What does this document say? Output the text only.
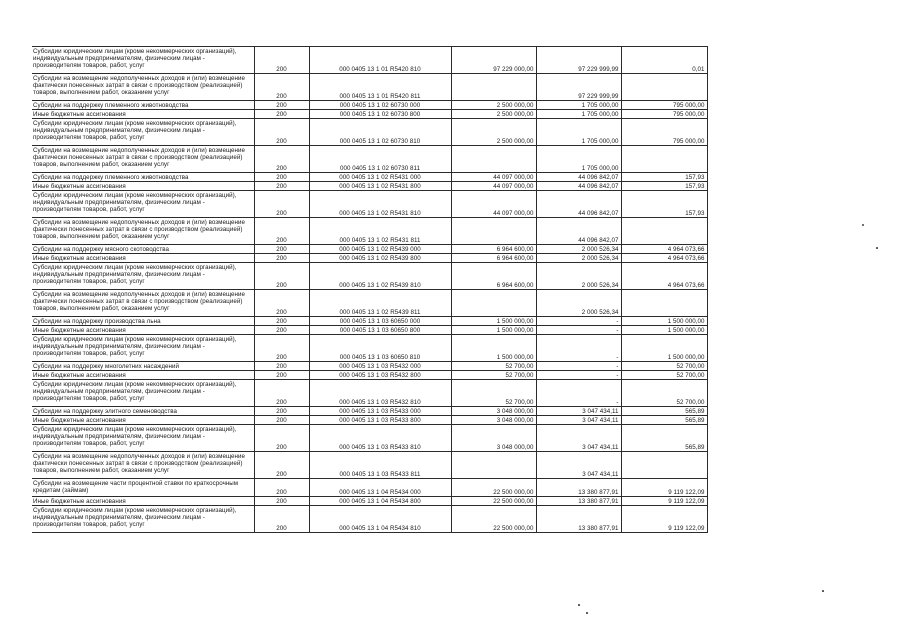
Субсидии юридическим лицам (кроме некоммерческих организаций), индивидуальным предпринимателям, физическим лицам - производителям товаров, работ, услуг	200	000 0405 13 1 01 R5420 810	97 229 000,00	97 229 999,99	0,01
Субсидии на возмещение недополученных доходов и (или) возмещение фактически понесенных затрат в связи с производством (реализацией) товаров, выполнением работ, оказанием услуг	200	000 0405 13 1 01 R5420 811		97 229 999,99	
Субсидии на поддержку племенного животноводства	200	000 0405 13 1 02 60730 000	2 500 000,00	1 705 000,00	795 000,00
Иные бюджетные ассигнования	200	000 0405 13 1 02 60730 800	2 500 000,00	1 705 000,00	795 000,00
Субсидии юридическим лицам (кроме некоммерческих организаций), индивидуальным предпринимателям, физическим лицам - производителям товаров, работ, услуг	200	000 0405 13 1 02 60730 810	2 500 000,00	1 705 000,00	795 000,00
Субсидии на возмещение недополученных доходов и (или) возмещение фактически понесенных затрат в связи с производством (реализацией) товаров, выполнением работ, оказанием услуг	200	000 0405 13 1 02 60730 811		1 705 000,00	
Субсидии на поддержку племенного животноводства	200	000 0405 13 1 02 R5431 000	44 097 000,00	44 096 842,07	157,93
Иные бюджетные ассигнования	200	000 0405 13 1 02 R5431 800	44 097 000,00	44 096 842,07	157,93
Субсидии юридическим лицам (кроме некоммерческих организаций), индивидуальным предпринимателям, физическим лицам - производителям товаров, работ, услуг	200	000 0405 13 1 02 R5431 810	44 097 000,00	44 096 842,07	157,93
Субсидии на возмещение недополученных доходов и (или) возмещение фактически понесенных затрат в связи с производством (реализацией) товаров, выполнением работ, оказанием услуг	200	000 0405 13 1 02 R5431 811		44 096 842,07	
Субсидии на поддержку мясного скотоводства	200	000 0405 13 1 02 R5439 000	6 964 600,00	2 000 526,34	4 964 073,66
Иные бюджетные ассигнования	200	000 0405 13 1 02 R5439 800	6 964 600,00	2 000 526,34	4 964 073,66
Субсидии юридическим лицам (кроме некоммерческих организаций), индивидуальным предпринимателям, физическим лицам - производителям товаров, работ, услуг	200	000 0405 13 1 02 R5439 810	6 964 600,00	2 000 526,34	4 964 073,66
Субсидии на возмещение недополученных доходов и (или) возмещение фактически понесенных затрат в связи с производством (реализацией) товаров, выполнением работ, оказанием услуг	200	000 0405 13 1 02 R5439 811		2 000 526,34	
Субсидии на поддержку производства льна	200	000 0405 13 1 03 60650 000	1 500 000,00	-	1 500 000,00
Иные бюджетные ассигнования	200	000 0405 13 1 03 60650 800	1 500 000,00	-	1 500 000,00
Субсидии юридическим лицам (кроме некоммерческих организаций), индивидуальным предпринимателям, физическим лицам - производителям товаров, работ, услуг	200	000 0405 13 1 03 60650 810	1 500 000,00	-	1 500 000,00
Субсидии на поддержку многолетних насаждений	200	000 0405 13 1 03 R5432 000	52 700,00	-	52 700,00
Иные бюджетные ассигнования	200	000 0405 13 1 03 R5432 800	52 700,00	-	52 700,00
Субсидии юридическим лицам (кроме некоммерческих организаций), индивидуальным предпринимателям, физическим лицам - производителям товаров, работ, услуг	200	000 0405 13 1 03 R5432 810	52 700,00	-	52 700,00
Субсидии на поддержку элитного семеноводства	200	000 0405 13 1 03 R5433 000	3 048 000,00	3 047 434,11	565,89
Иные бюджетные ассигнования	200	000 0405 13 1 03 R5433 800	3 048 000,00	3 047 434,11	565,89
Субсидии юридическим лицам (кроме некоммерческих организаций), индивидуальным предпринимателям, физическим лицам - производителям товаров, работ, услуг	200	000 0405 13 1 03 R5433 810	3 048 000,00	3 047 434,11	565,89
Субсидии на возмещение недополученных доходов и (или) возмещение фактически понесенных затрат в связи с производством (реализацией) товаров, выполнением работ, оказанием услуг	200	000 0405 13 1 03 R5433 811		3 047 434,11	
Субсидии на возмещение части процентной ставки по краткосрочным кредитам (займам)	200	000 0405 13 1 04 R5434 000	22 500 000,00	13 380 877,91	9 119 122,09
Иные бюджетные ассигнования	200	000 0405 13 1 04 R5434 800	22 500 000,00	13 380 877,91	9 119 122,09
Субсидии юридическим лицам (кроме некоммерческих организаций), индивидуальным предпринимателям, физическим лицам - производителям товаров, работ, услуг	200	000 0405 13 1 04 R5434 810	22 500 000,00	13 380 877,91	9 119 122,09
